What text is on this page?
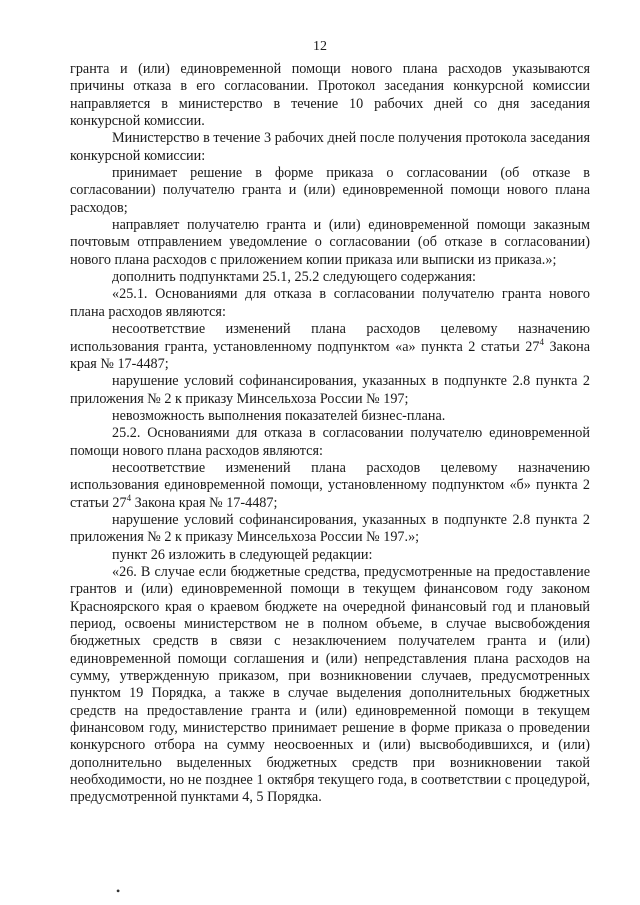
12

гранта и (или) единовременной помощи нового плана расходов указываются причины отказа в его согласовании. Протокол заседания конкурсной комиссии направляется в министерство в течение 10 рабочих дней со дня заседания конкурсной комиссии.

Министерство в течение 3 рабочих дней после получения протокола заседания конкурсной комиссии:

принимает решение в форме приказа о согласовании (об отказе в согласовании) получателю гранта и (или) единовременной помощи нового плана расходов;

направляет получателю гранта и (или) единовременной помощи заказным почтовым отправлением уведомление о согласовании (об отказе в согласовании) нового плана расходов с приложением копии приказа или выписки из приказа.»;

дополнить подпунктами 25.1, 25.2 следующего содержания:

«25.1. Основаниями для отказа в согласовании получателю гранта нового плана расходов являются:

несоответствие изменений плана расходов целевому назначению использования гранта, установленному подпунктом «а» пункта 2 статьи $27^4$ Закона края № 17-4487;

нарушение условий софинансирования, указанных в подпункте 2.8 пункта 2 приложения № 2 к приказу Минсельхоза России № 197;

невозможность выполнения показателей бизнес-плана.

25.2. Основаниями для отказа в согласовании получателю единовременной помощи нового плана расходов являются:

несоответствие изменений плана расходов целевому назначению использования единовременной помощи, установленному подпунктом «б» пункта 2 статьи $27^4$ Закона края № 17-4487;

нарушение условий софинансирования, указанных в подпункте 2.8 пункта 2 приложения № 2 к приказу Минсельхоза России № 197.»;

пункт 26 изложить в следующей редакции:

«26. В случае если бюджетные средства, предусмотренные на предоставление грантов и (или) единовременной помощи в текущем финансовом году законом Красноярского края о краевом бюджете на очередной финансовый год и плановый период, освоены министерством не в полном объеме, в случае высвобождения бюджетных средств в связи с незаключением получателем гранта и (или) единовременной помощи соглашения и (или) непредставления плана расходов на сумму, утвержденную приказом, при возникновении случаев, предусмотренных пунктом 19 Порядка, а также в случае выделения дополнительных бюджетных средств на предоставление гранта и (или) единовременной помощи в текущем финансовом году, министерство принимает решение в форме приказа о проведении конкурсного отбора на сумму неосвоенных и (или) высвободившихся, и (или) дополнительно выделенных бюджетных средств при возникновении такой необходимости, но не позднее 1 октября текущего года, в соответствии с процедурой, предусмотренной пунктами 4, 5 Порядка.

•
